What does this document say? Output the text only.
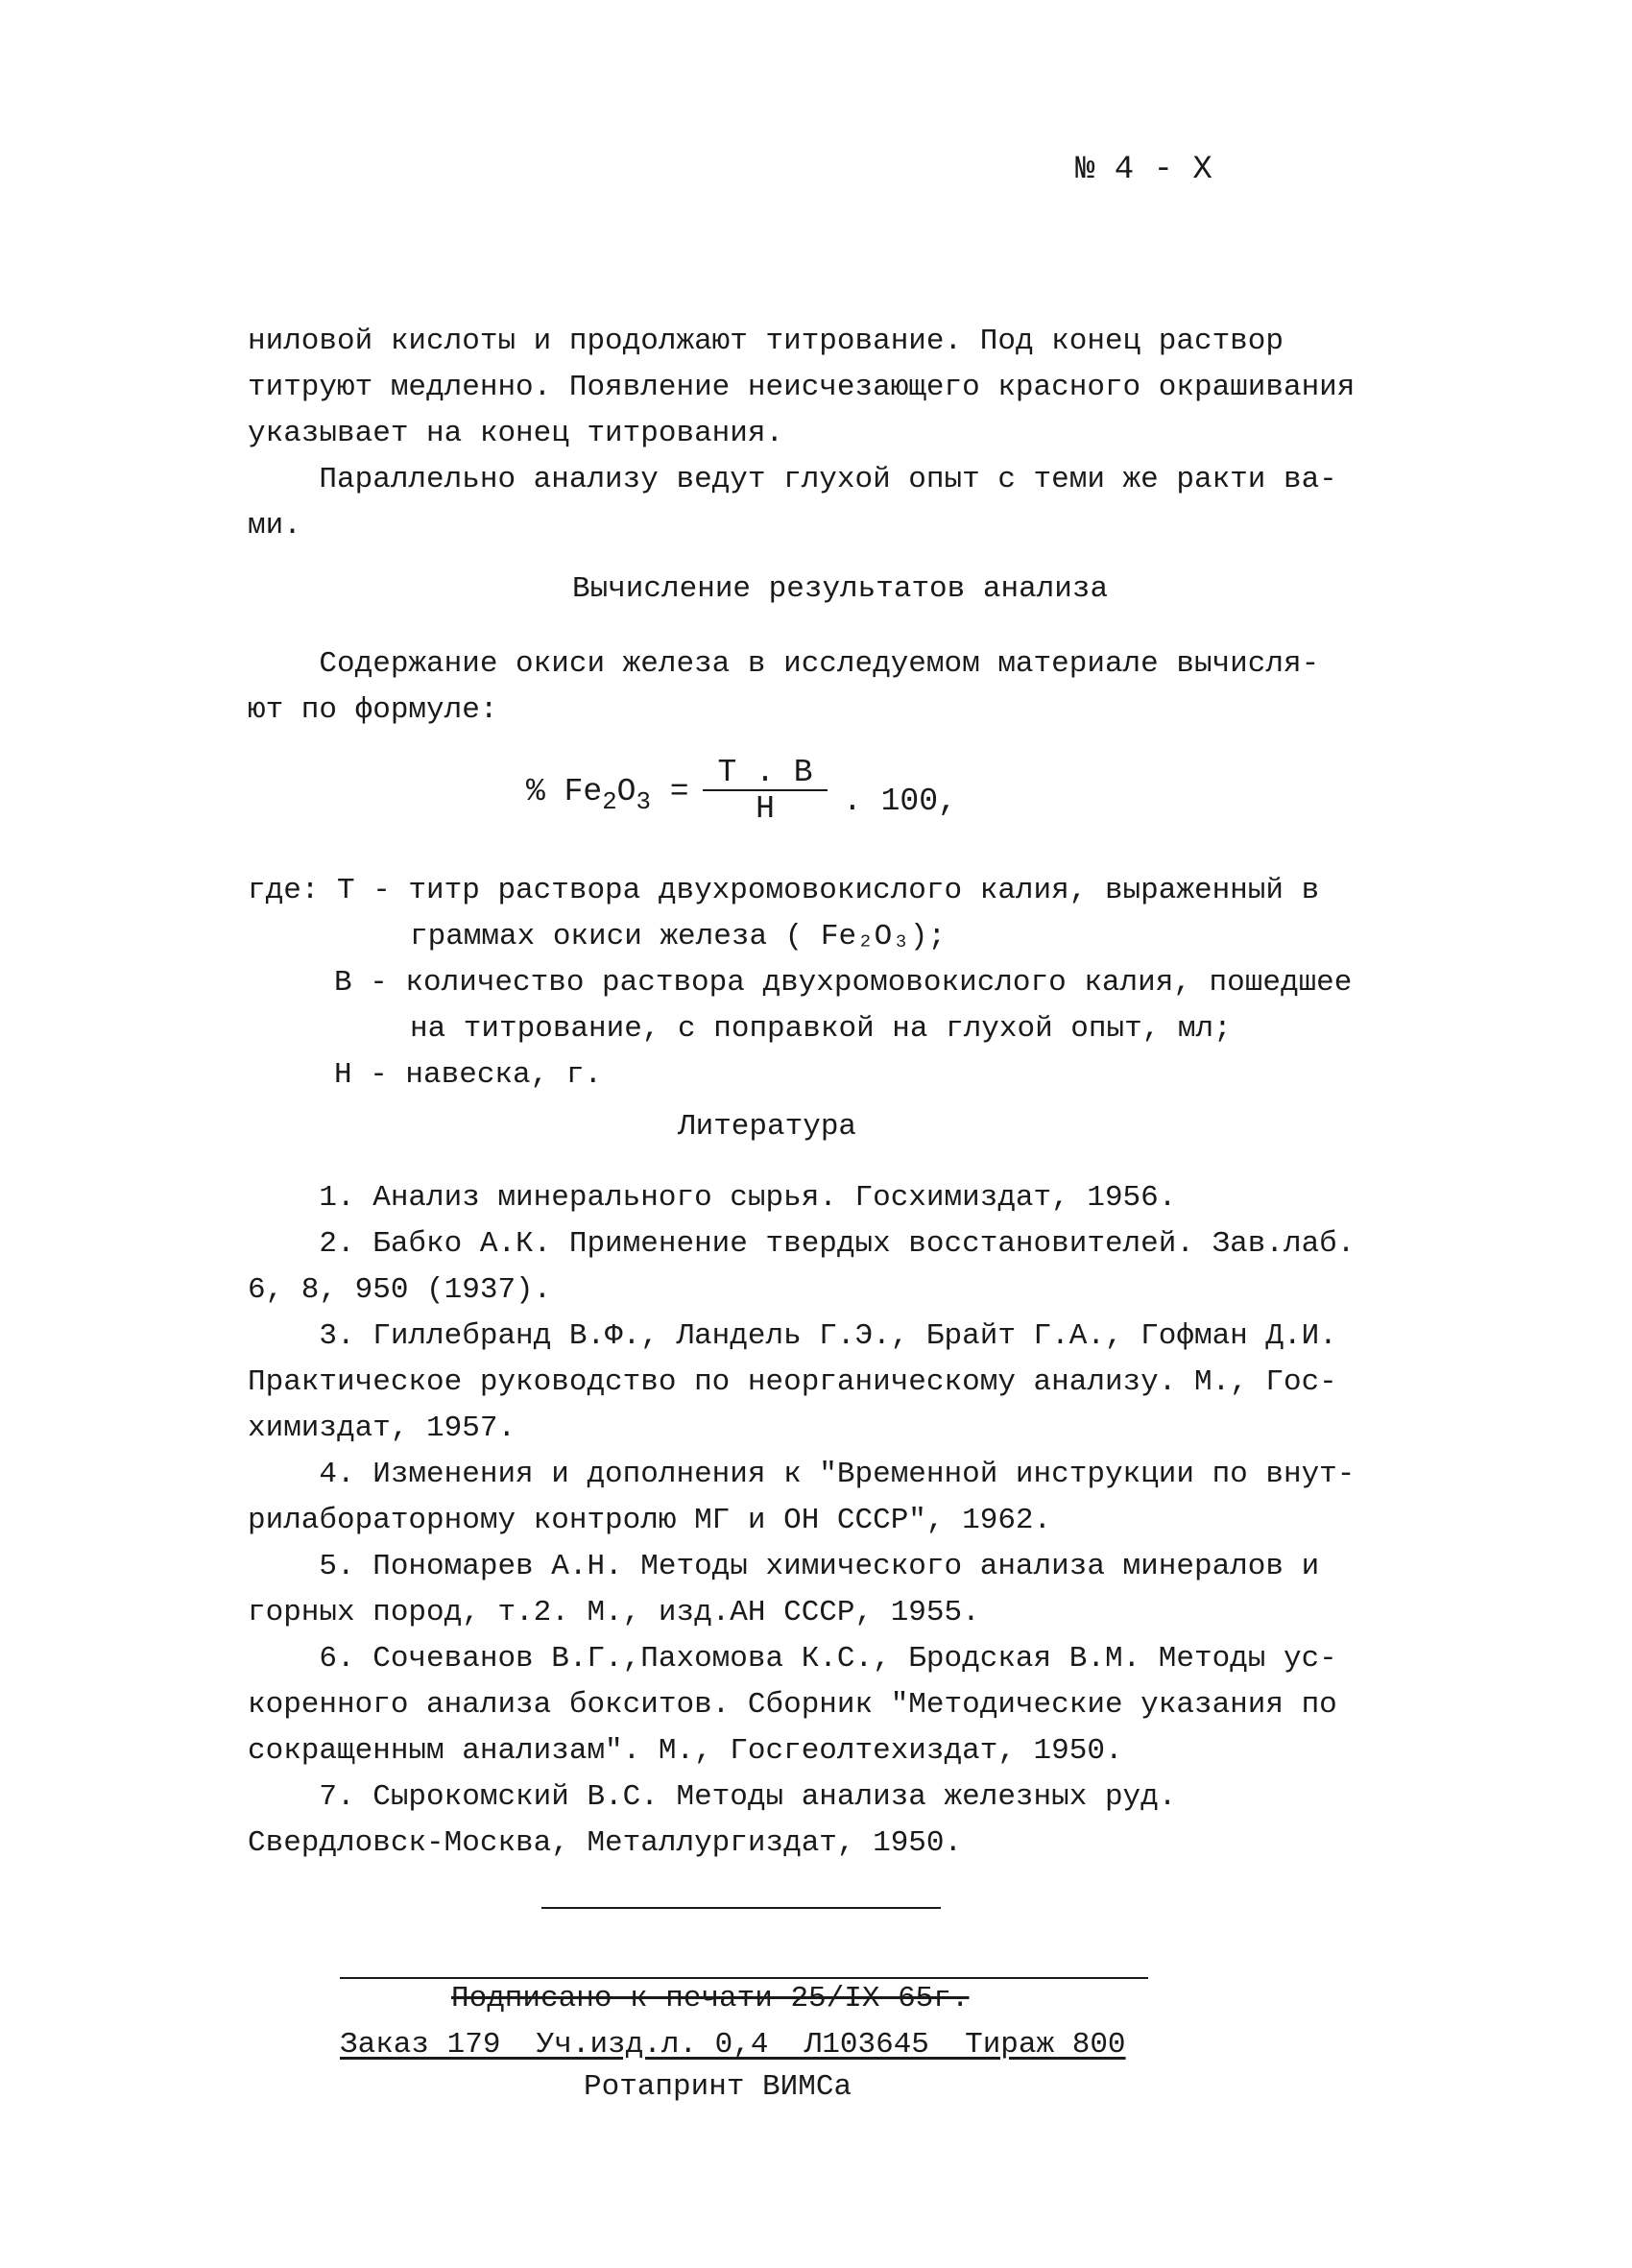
№ 4 - Х
ниловой кислоты и продолжают титрование. Под конец раствор
титруют медленно. Появление неисчезающего красного окрашивания
указывает на конец титрования.
Параллельно анализу ведут глухой опыт с теми же ракти ва-
ми.
Вычисление результатов анализа
Содержание окиси железа в исследуемом материале вычисля-
ют по формуле:
% $Fe_2O_3$ =
Т . В
Н	. 100,
где: Т - титр раствора двухромовокислого калия, выраженный в
граммах окиси железа ( Fe₂O₃);
В - количество раствора двухромовокислого калия, пошедшее
на титрование, с поправкой на глухой опыт, мл;
Н - навеска, г.
Литература
1. Анализ минерального сырья. Госхимиздат, 1956.
2. Бабко А.К. Применение твердых восстановителей. Зав.лаб.
6, 8, 950 (1937).
3. Гиллебранд В.Ф., Ландель Г.Э., Брайт Г.А., Гофман Д.И.
Практическое руководство по неорганическому анализу. М., Гос-
химиздат, 1957.
4. Изменения и дополнения к "Временной инструкции по внут-
рилабораторному контролю МГ и ОН СССР", 1962.
5. Пономарев А.Н. Методы химического анализа минералов и
горных пород, т.2. М., изд.АН СССР, 1955.
6. Сочеванов В.Г.,Пахомова К.С., Бродская В.М. Методы ус-
коренного анализа бокситов. Сборник "Методические указания по
сокращенным анализам". М., Госгеолтехиздат, 1950.
7. Сырокомский В.С. Методы анализа железных руд.
Свердловск-Москва, Металлургиздат, 1950.
Подписано к печати 25/IX-65г.
Заказ 179  Уч.изд.л. 0,4  Л103645  Тираж 800
Ротапринт ВИМСа
